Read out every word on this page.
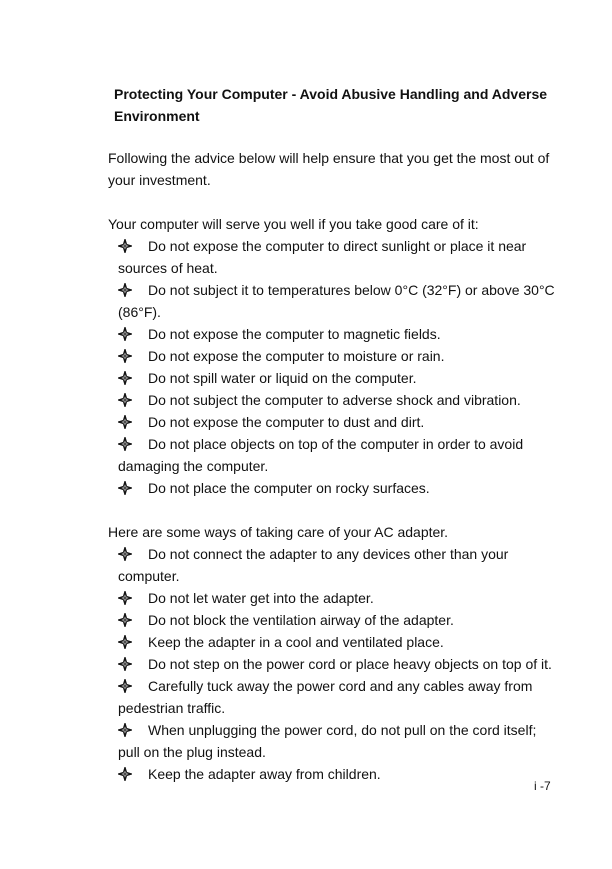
Protecting Your Computer - Avoid Abusive Handling and Adverse Environment
Following the advice below will help ensure that you get the most out of your investment.
Your computer will serve you well if you take good care of it:
Do not expose the computer to direct sunlight or place it near sources of heat.
Do not subject it to temperatures below 0°C (32°F) or above 30°C (86°F).
Do not expose the computer to magnetic fields.
Do not expose the computer to moisture or rain.
Do not spill water or liquid on the computer.
Do not subject the computer to adverse shock and vibration.
Do not expose the computer to dust and dirt.
Do not place objects on top of the computer in order to avoid damaging the computer.
Do not place the computer on rocky surfaces.
Here are some ways of taking care of your AC adapter.
Do not connect the adapter to any devices other than your computer.
Do not let water get into the adapter.
Do not block the ventilation airway of the adapter.
Keep the adapter in a cool and ventilated place.
Do not step on the power cord or place heavy objects on top of it.
Carefully tuck away the power cord and any cables away from pedestrian traffic.
When unplugging the power cord, do not pull on the cord itself; pull on the plug instead.
Keep the adapter away from children.
i -7
